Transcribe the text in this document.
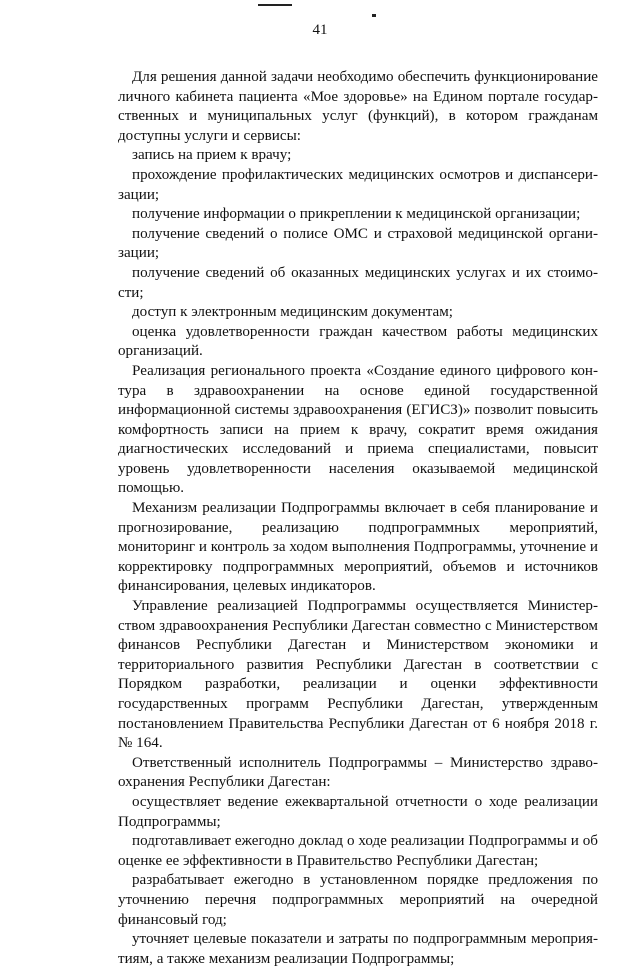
41

Для решения данной задачи необходимо обеспечить функционирование личного кабинета пациента «Мое здоровье» на Едином портале государственных и муниципальных услуг (функций), в котором гражданам доступны услуги и сервисы:

запись на прием к врачу;

прохождение профилактических медицинских осмотров и диспансеризации;

получение информации о прикреплении к медицинской организации;

получение сведений о полисе ОМС и страховой медицинской организации;

получение сведений об оказанных медицинских услугах и их стоимости;

доступ к электронным медицинским документам;

оценка удовлетворенности граждан качеством работы медицинских организаций.

Реализация регионального проекта «Создание единого цифрового контура в здравоохранении на основе единой государственной информационной системы здравоохранения (ЕГИСЗ)» позволит повысить комфортность записи на прием к врачу, сократит время ожидания диагностических исследований и приема специалистами, повысит уровень удовлетворенности населения оказываемой медицинской помощью.

Механизм реализации Подпрограммы включает в себя планирование и прогнозирование, реализацию подпрограммных мероприятий, мониторинг и контроль за ходом выполнения Подпрограммы, уточнение и корректировку подпрограммных мероприятий, объемов и источников финансирования, целевых индикаторов.

Управление реализацией Подпрограммы осуществляется Министерством здравоохранения Республики Дагестан совместно с Министерством финансов Республики Дагестан и Министерством экономики и территориального развития Республики Дагестан в соответствии с Порядком разработки, реализации и оценки эффективности государственных программ Республики Дагестан, утвержденным постановлением Правительства Республики Дагестан от 6 ноября 2018 г. № 164.

Ответственный исполнитель Подпрограммы – Министерство здравоохранения Республики Дагестан:

осуществляет ведение ежеквартальной отчетности о ходе реализации Подпрограммы;

подготавливает ежегодно доклад о ходе реализации Подпрограммы и об оценке ее эффективности в Правительство Республики Дагестан;

разрабатывает ежегодно в установленном порядке предложения по уточнению перечня подпрограммных мероприятий на очередной финансовый год;

уточняет целевые показатели и затраты по подпрограммным мероприятиям, а также механизм реализации Подпрограммы;
